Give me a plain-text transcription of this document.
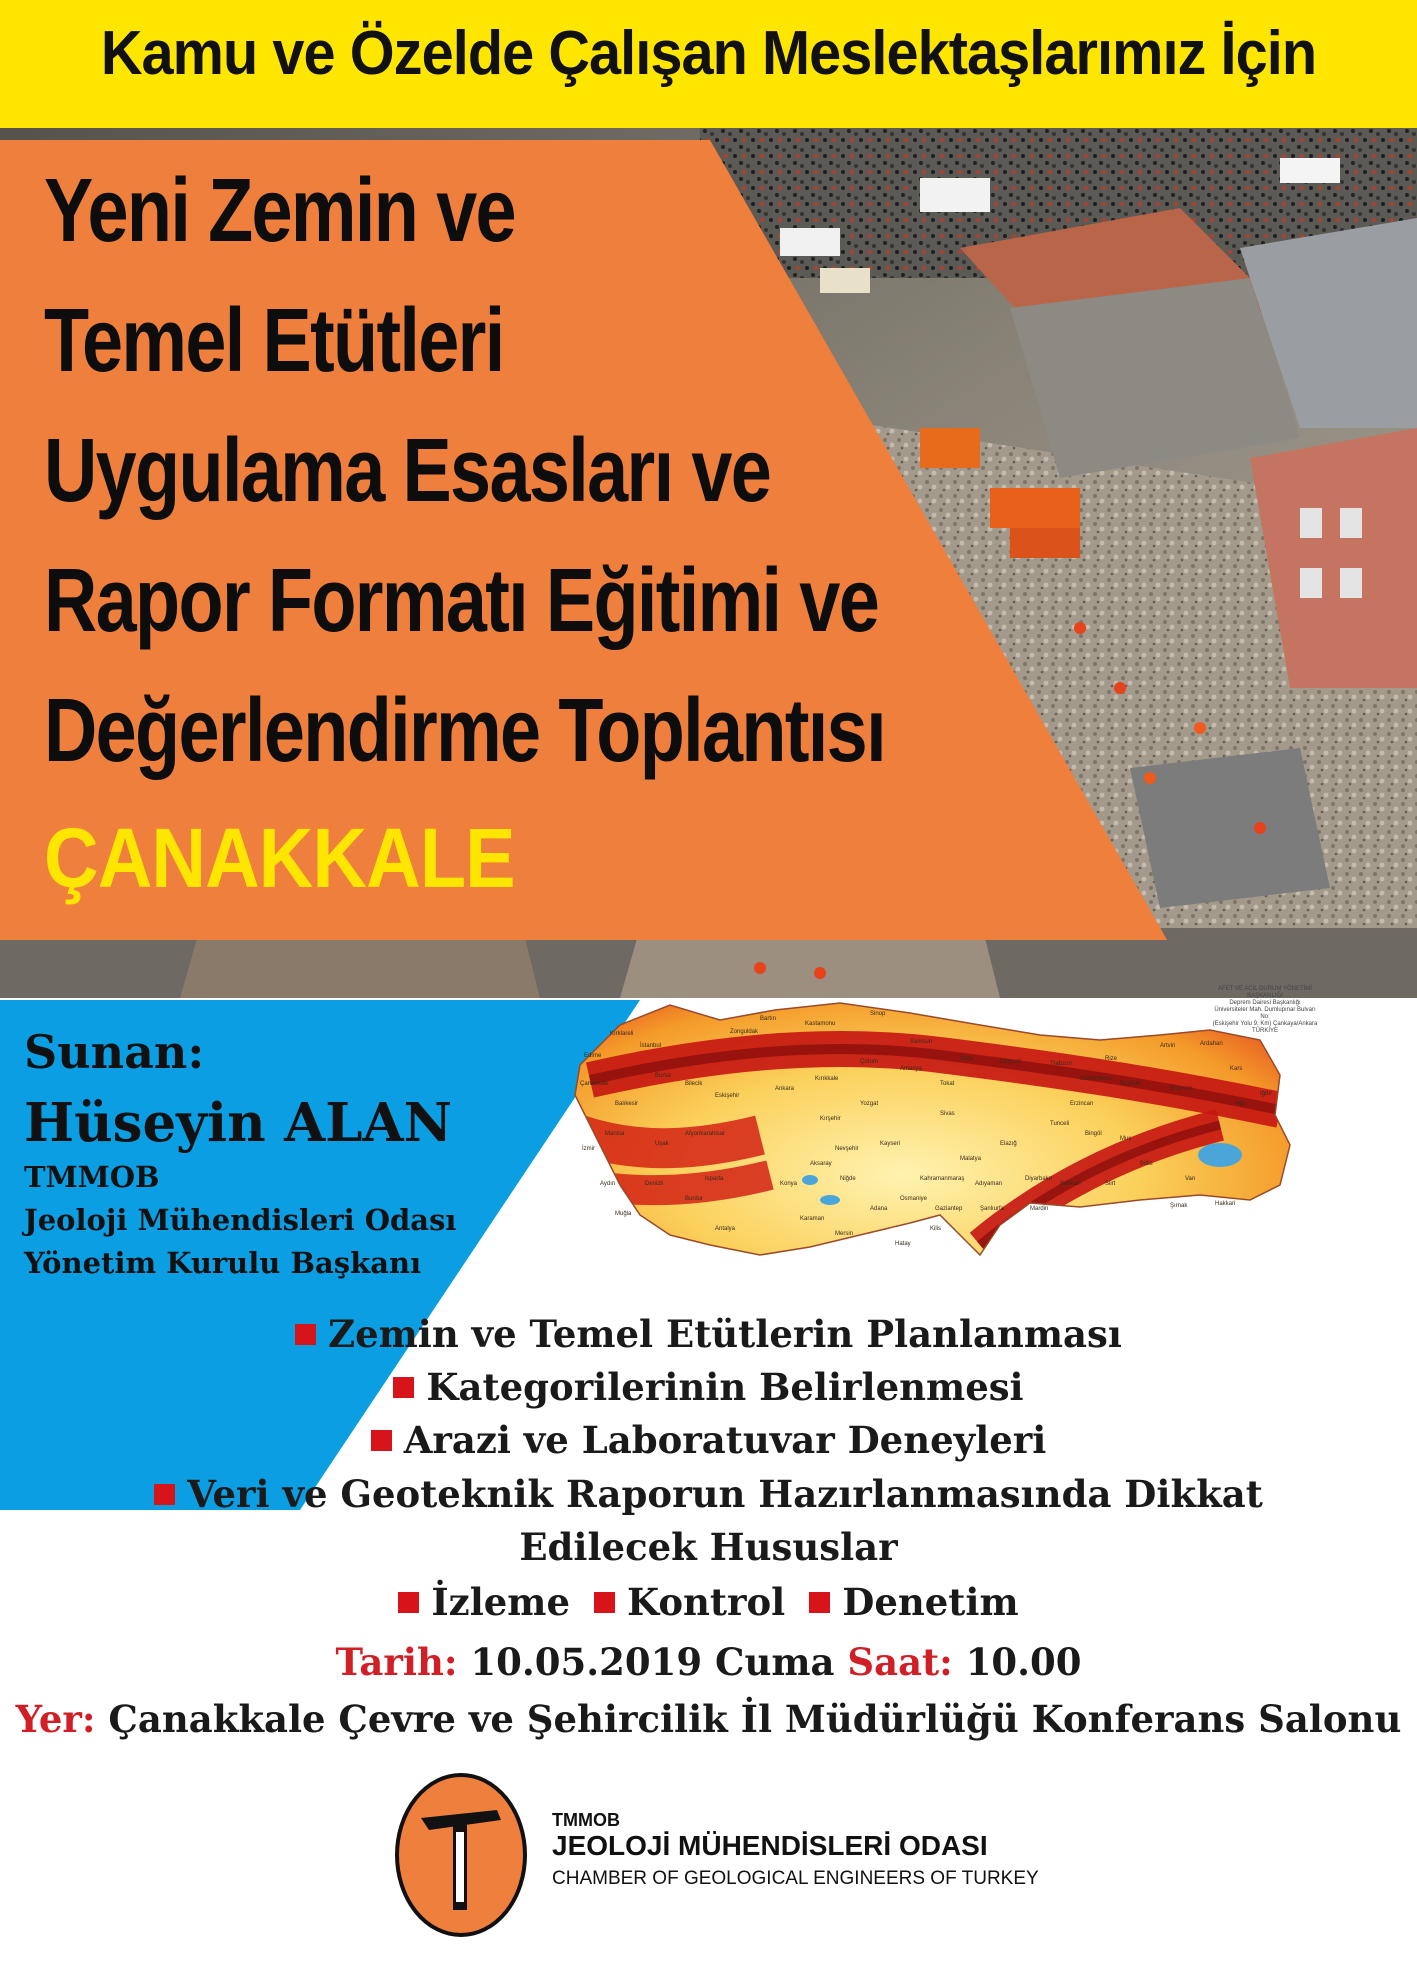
Kamu ve Özelde Çalışan Meslektaşlarımız İçin
Yeni Zemin ve
Temel Etütleri
Uygulama Esasları ve
Rapor Formatı Eğitimi ve
Değerlendirme Toplantısı
ÇANAKKALE
Sunan:
Hüseyin ALAN
TMMOB
Jeoloji Mühendisleri Odası
Yönetim Kurulu Başkanı
Edirne
Kırklareli
İstanbul
Zonguldak
Bartın
Kastamonu
Sinop
Samsun
Ordu	Giresun	Trabzon
Rize
Artvin	Ardahan
Kars
Iğdır
Ağrı
Erzurum
Bayburt
Gümüşhane
Tokat
Amasya
Çorum
Kırıkkale
Ankara
Eskişehir
Bilecik
Bursa
Balıkesir
Çanakkale
Manisa
İzmir
Aydın
Muğla
Denizli
Uşak
Afyonkarahisar
Isparta
Burdur
Antalya
Konya
Karaman
Mersin
Adana
Osmaniye
Hatay
Gaziantep
Kilis
Şanlıurfa	Mardin
Batman	Siirt
Bitlis
Van
Hakkari
Şırnak
Diyarbakır
Elazığ
Malatya
Adıyaman
Kahramanmaraş
Sivas
Kayseri
Niğde
Nevşehir
Aksaray
Kırşehir
Yozgat
Tunceli
Erzincan
Muş
Bingöl
AFET VE ACİL DURUM YÖNETİMİ BAŞKANLIĞI
Deprem Dairesi Başkanlığı
Üniversiteler Mah. Dumlupınar Bulvarı No:
(Eskişehir Yolu 9. Km) Çankaya/Ankara TÜRKİYE
Zemin ve Temel Etütlerin Planlanması
Kategorilerinin Belirlenmesi
Arazi ve Laboratuvar Deneyleri
Veri ve Geoteknik Raporun Hazırlanmasında Dikkat
Edilecek Hususlar
İzleme Kontrol Denetim
Tarih: 10.05.2019 Cuma Saat: 10.00
Yer: Çanakkale Çevre ve Şehircilik İl Müdürlüğü Konferans Salonu
TMMOB
JEOLOJİ MÜHENDİSLERİ ODASI
CHAMBER OF GEOLOGICAL ENGINEERS OF TURKEY
